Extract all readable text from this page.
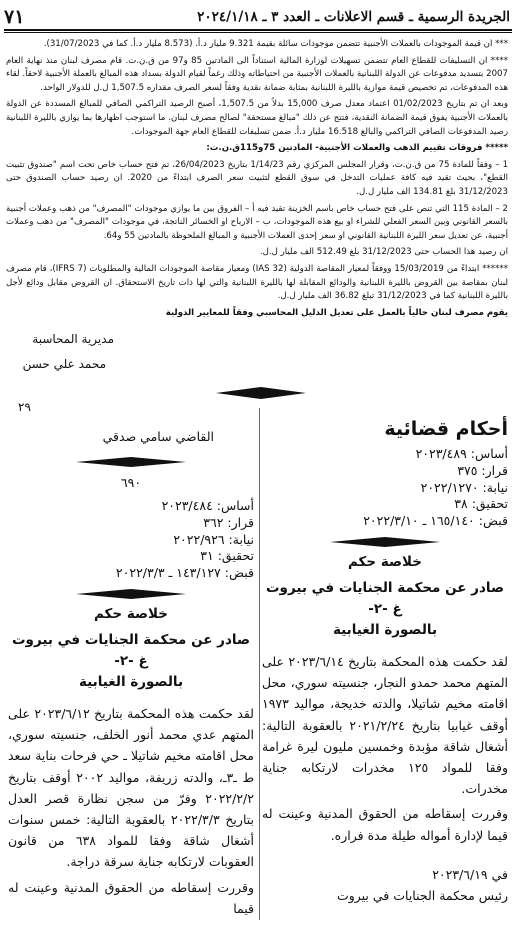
الجريدة الرسمية ـ قسم الاعلانات ـ العدد ٣ ـ ٢٠٢٤/١/١٨
٧١

*** ان قيمة الموجودات بالعملات الأجنبية تتضمن موجودات سائلة بقيمة 9.321 مليار د.أ. (8.573 مليار د.أ. كما في 31/07/2023).

**** ان التسليفات للقطاع العام تتضمن تسهيلات لوزارة المالية استناداً الى المادتين 85 و97 من ق.ن.ت. قام مصرف لبنان منذ نهاية العام 2007 بتسديد مدفوعات عن الدولة اللبنانية بالعملات الأجنبية من احتياطاته وذلك رغماً لقيام الدولة بسداد هذه المبالغ بالعملة الأجنبية لاحقاً. لقاء هذه المدفوعات، تم تخصيص قيمة موازية بالليرة اللبنانية بمثابة ضمانة نقدية وفقاً لسعر الصرف مقداره 1,507.5 ل.ل للدولار الواحد.

وبعد ان تم بتاريخ 01/02/2023 اعتماد معدل صرف 15,000 بدلاً من 1,507.5، أصبح الرصيد التراكمي الصافي للمبالغ المسددة عن الدولة بالعملات الأجنبية يفوق قيمة الضمانة النقدية، فتتج عن ذلك "مبالغ مستحقة" لصالح مصرف لبنان. ما استوجب اظهارها بما يوازي بالليرة اللبنانية رصيد المدفوعات الصافي التراكمي والبالغ 16.518 مليار د.أ. ضمن تسليفات للقطاع العام جهة الموجودات.

***** فروقات تقييم الذهب والعملات الأجنبية- المادتين 75و115ق.ن.ت:

1 – وفقاً للمادة 75 من ق.ن.ت، وقرار المجلس المركزي رقم 1/14/23 بتاريخ 26/04/2023، تم فتح حساب خاص تحت اسم "صندوق تثبيت القطع"، بحيث تقيد فيه كافة عمليات التدخل في سوق القطع لتثبيت سعر الصرف ابتداءً من 2020. ان رصيد حساب الصندوق حتى 31/12/2023 بلغ 134.81 الف مليار ل.ل.

2 – المادة 115 التي تنص على فتح حساب خاص باسم الخزينة تقيد فيه أ – الفروق بين ما يوازي موجودات "المصرف" من ذهب وعملات أجنبية بالسعر القانوني وبين السعر الفعلي للشراء او بيع هذه الموجودات، ب – الارباح او الخسائر الناتجة، في موجودات "المصرف" من ذهب وعملات أجنبية، عن تعديل سعر الليرة اللبنانية القانوني او سعر إحدى العملات الأجنبية و المبالغ الملحوظة بالمادتين 55 و64.

ان رصيد هذا الحساب حتى 31/12/2023 بلغ 512.49 الف مليار ل.ل.

****** ابتداءً من 15/03/2019 ووفقاً لمعيار المقاصة الدولية (IAS 32) ومعيار مقاصة الموجودات المالية والمطلوبات (IFRS 7)، قام مصرف لبنان بمقاصة بين القروض بالليرة اللبنانية والودائع المقابلة لها بالليرة اللبنانية والتي لها ذات تاريخ الاستحقاق. ان القروض مقابل ودائع لأجل بالليرة اللبنانية كما في 31/12/2023 تبلغ 36.82 الف مليار ل.ل.

يقوم مصرف لبنان حالياً بالعمل على تعديل الدليل المحاسبي وفقاً للمعايير الدولية

مديرية المحاسبة
محمد علي حسن
٢٩
أحكام قضائية
أساس: ٢٠٢٣/٤٨٩
قرار: ٣٧٥
نيابة: ٢٠٢٢/١٢٧٠
تحقيق: ٣٨
قبض: ١٦٥/١٤٠ ـ ٢٠٢٢/٣/١٠
خلاصة حكم
صادر عن محكمة الجنايات في بيروت غ -٢-
بالصورة الغيابية
لقد حكمت هذه المحكمة بتاريخ ٢٠٢٣/٦/١٤ على المتهم محمد حمدو النجار، جنسيته سوري، محل اقامته مخيم شاتيلا، والدته خديجة، مواليد ١٩٧٣ أوقف غيابيا بتاريخ ٢٠٢١/٢/٢٤ بالعقوبة التالية: أشغال شاقة مؤبدة وخمسين مليون ليرة غرامة وفقا للمواد ١٢٥ مخدرات لارتكابه جناية مخدرات.
وقررت إسقاطه من الحقوق المدنية وعينت له قيما لإدارة أمواله طيلة مدة فراره.
في ٢٠٢٣/٦/١٩
رئيس محكمة الجنايات في بيروت
القاضي سامي صدقي
٦٩٠
أساس: ٢٠٢٣/٤٨٤
قرار: ٣٦٢
نيابة: ٢٠٢٢/٩٢٦
تحقيق: ٣١
قبض: ١٤٣/١٢٧ ـ ٢٠٢٢/٣/٣
خلاصة حكم
صادر عن محكمة الجنايات في بيروت غ -٢-
بالصورة الغيابية
لقد حكمت هذه المحكمة بتاريخ ٢٠٢٣/٦/١٢ على المتهم عدي محمد أنور الخلف، جنسيته سوري، محل اقامته مخيم شاتيلا ـ حي فرحات بناية سعد ط ـ٣ـ، والدته زريفة، مواليد ٢٠٠٢ أوقف بتاريخ ٢٠٢٢/٢/٢ وفرّ من سجن نظارة قصر العدل بتاريخ ٢٠٢٢/٣/٣ بالعقوبة التالية: خمس سنوات أشغال شاقة وفقا للمواد ٦٣٨ من قانون العقوبات لارتكابه جناية سرقة دراجة.
وقررت إسقاطه من الحقوق المدنية وعينت له قيما
